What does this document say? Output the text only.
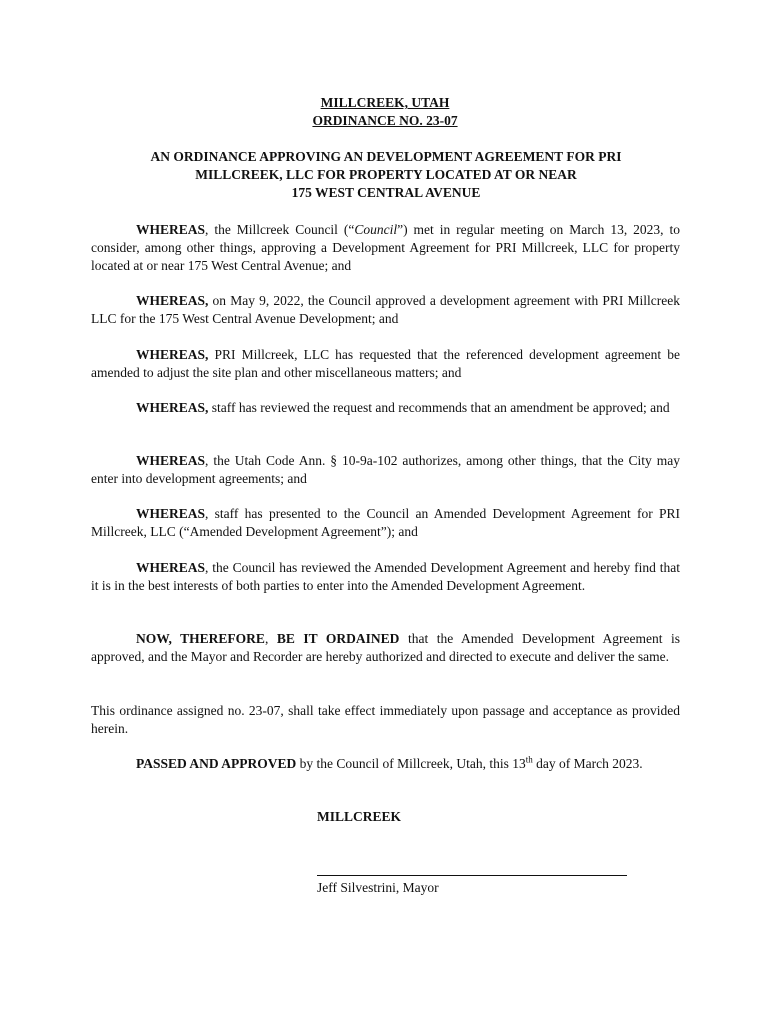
MILLCREEK, UTAH
ORDINANCE NO. 23-07
AN ORDINANCE APPROVING AN DEVELOPMENT AGREEMENT FOR PRI
MILLCREEK, LLC FOR PROPERTY LOCATED AT OR NEAR
175 WEST CENTRAL AVENUE

WHEREAS, the Millcreek Council (“Council”) met in regular meeting on March 13, 2023, to consider, among other things, approving a Development Agreement for PRI Millcreek, LLC for property located at or near 175 West Central Avenue; and

WHEREAS, on May 9, 2022, the Council approved a development agreement with PRI Millcreek LLC for the 175 West Central Avenue Development; and

WHEREAS, PRI Millcreek, LLC has requested that the referenced development agreement be amended to adjust the site plan and other miscellaneous matters; and

WHEREAS, staff has reviewed the request and recommends that an amendment be approved; and

WHEREAS, the Utah Code Ann. § 10-9a-102 authorizes, among other things, that the City may enter into development agreements; and

WHEREAS, staff has presented to the Council an Amended Development Agreement for PRI Millcreek, LLC (“Amended Development Agreement”); and

WHEREAS, the Council has reviewed the Amended Development Agreement and hereby find that it is in the best interests of both parties to enter into the Amended Development Agreement.

NOW, THEREFORE, BE IT ORDAINED that the Amended Development Agreement is approved, and the Mayor and Recorder are hereby authorized and directed to execute and deliver the same.

This ordinance assigned no. 23-07, shall take effect immediately upon passage and acceptance as provided herein.

PASSED AND APPROVED by the Council of Millcreek, Utah, this 13th day of March 2023.

MILLCREEK
Jeff Silvestrini, Mayor
